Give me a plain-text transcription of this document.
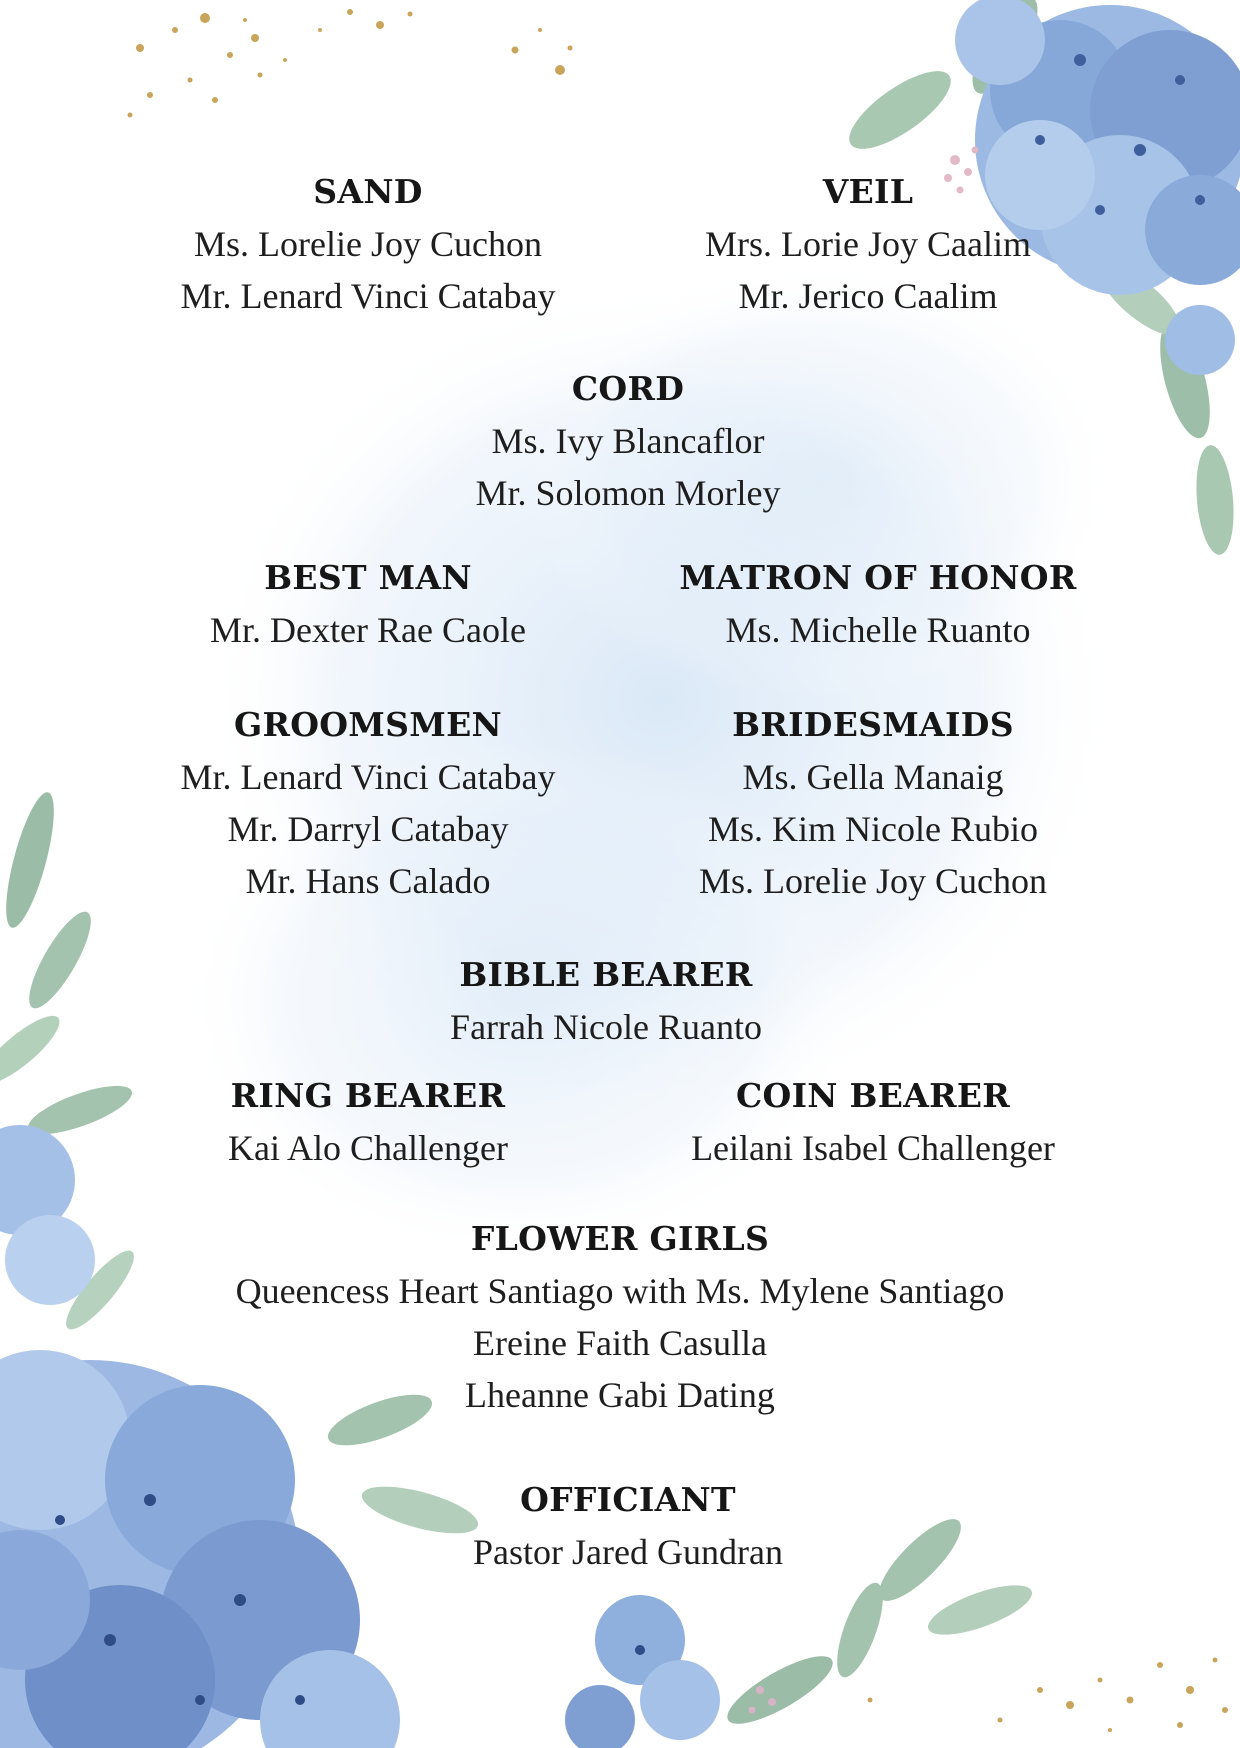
SAND
Ms. Lorelie Joy Cuchon
Mr. Lenard Vinci Catabay
VEIL
Mrs. Lorie Joy Caalim
Mr. Jerico Caalim
CORD
Ms. Ivy Blancaflor
Mr. Solomon Morley
BEST MAN
Mr. Dexter Rae Caole
MATRON OF HONOR
Ms. Michelle Ruanto
GROOMSMEN
Mr. Lenard Vinci Catabay
Mr. Darryl Catabay
Mr. Hans Calado
BRIDESMAIDS
Ms. Gella Manaig
Ms. Kim Nicole Rubio
Ms. Lorelie Joy Cuchon
BIBLE BEARER
Farrah Nicole Ruanto
RING BEARER
Kai Alo Challenger
COIN BEARER
Leilani Isabel Challenger
FLOWER GIRLS
Queencess Heart Santiago with Ms. Mylene Santiago
Ereine Faith Casulla
Lheanne Gabi Dating
OFFICIANT
Pastor Jared Gundran
